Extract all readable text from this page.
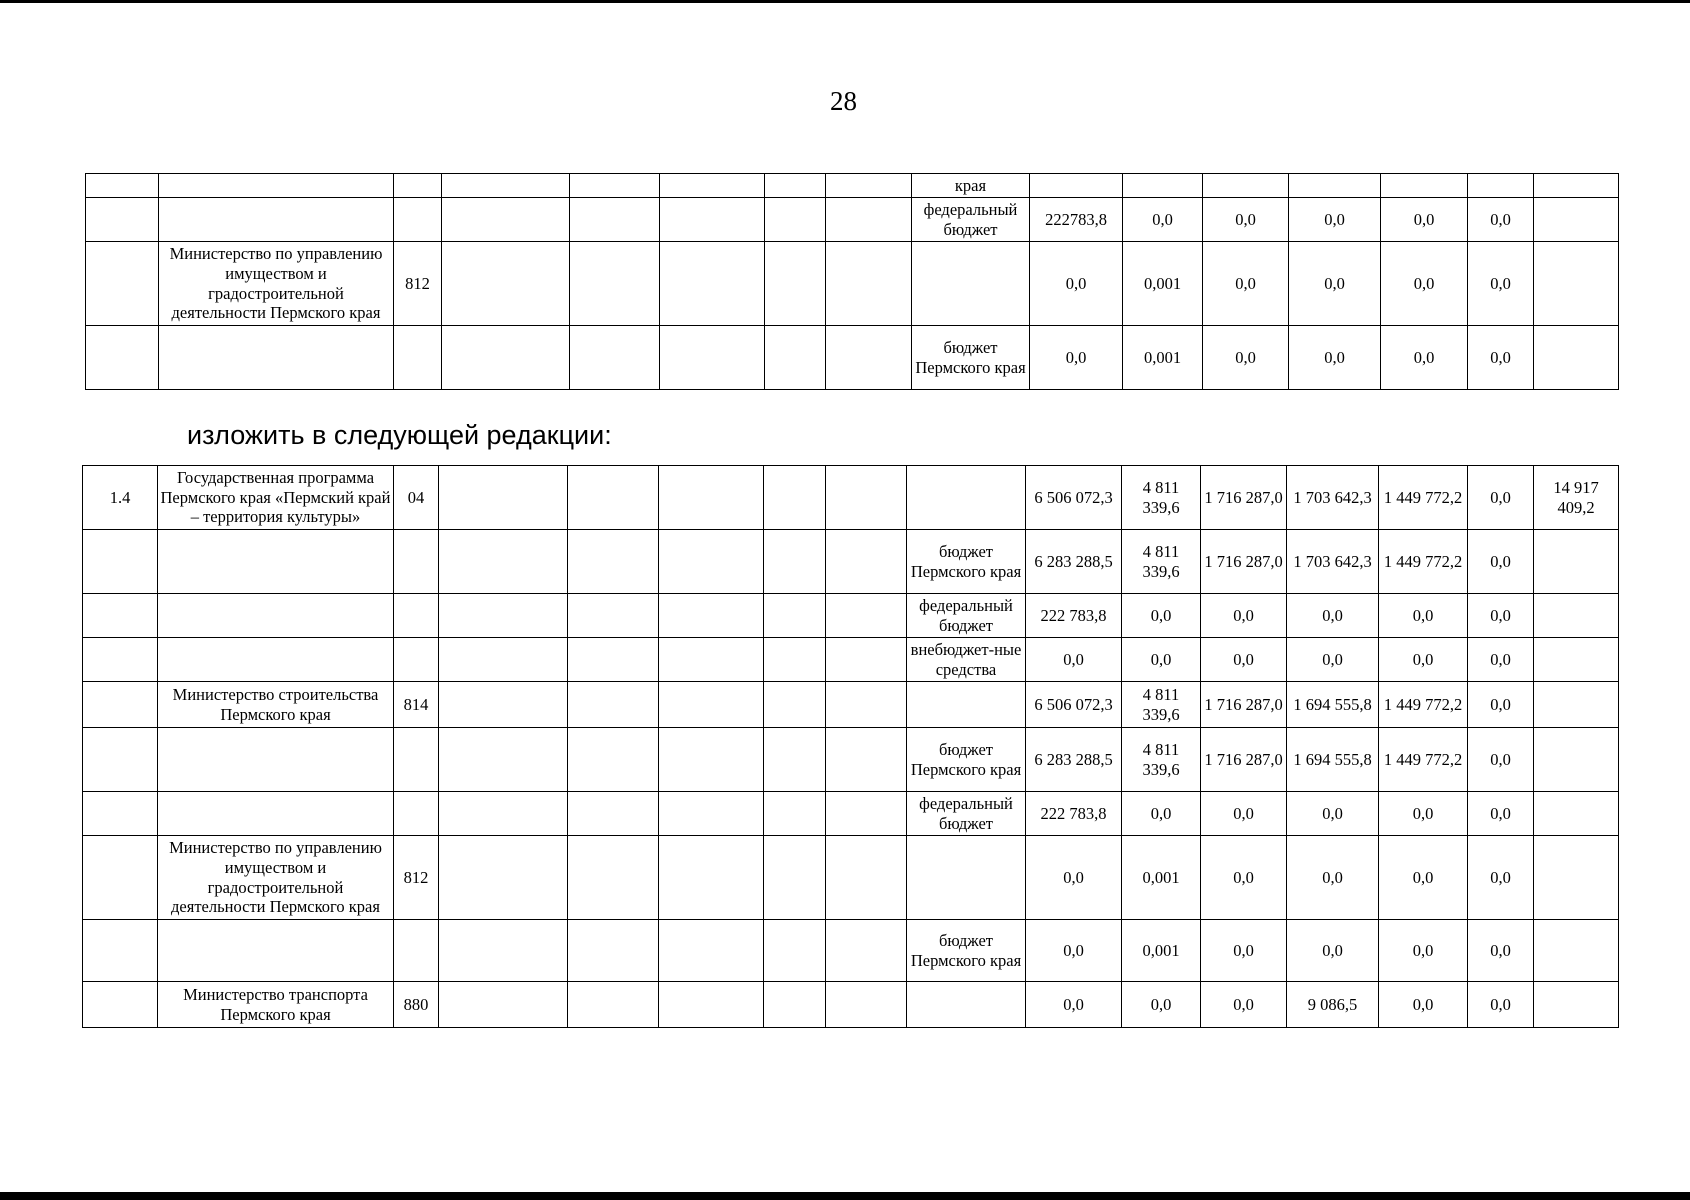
28
								края							
								федеральный бюджет	222783,8	0,0	0,0	0,0	0,0	0,0	
	Министерство по управлению имуществом и градостроительной деятельности Пермского края	812							0,0	0,001	0,0	0,0	0,0	0,0	
								бюджет Пермского края	0,0	0,001	0,0	0,0	0,0	0,0	
изложить в следующей редакции:
1.4	Государственная программа Пермского края «Пермский край – территория культуры»	04							6 506 072,3	4 811 339,6	1 716 287,0	1 703 642,3	1 449 772,2	0,0	14 917 409,2
								бюджет Пермского края	6 283 288,5	4 811 339,6	1 716 287,0	1 703 642,3	1 449 772,2	0,0	
								федеральный бюджет	222 783,8	0,0	0,0	0,0	0,0	0,0	
								внебюджет-ные средства	0,0	0,0	0,0	0,0	0,0	0,0	
	Министерство строительства Пермского края	814							6 506 072,3	4 811 339,6	1 716 287,0	1 694 555,8	1 449 772,2	0,0	
								бюджет Пермского края	6 283 288,5	4 811 339,6	1 716 287,0	1 694 555,8	1 449 772,2	0,0	
								федеральный бюджет	222 783,8	0,0	0,0	0,0	0,0	0,0	
	Министерство по управлению имуществом и градостроительной деятельности Пермского края	812							0,0	0,001	0,0	0,0	0,0	0,0	
								бюджет Пермского края	0,0	0,001	0,0	0,0	0,0	0,0	
	Министерство транспорта Пермского края	880							0,0	0,0	0,0	9 086,5	0,0	0,0	
